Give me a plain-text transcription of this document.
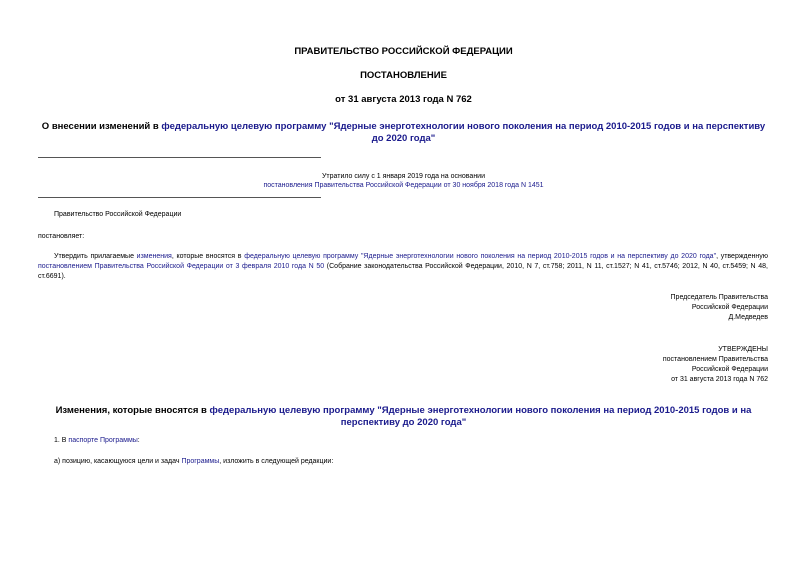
ПРАВИТЕЛЬСТВО РОССИЙСКОЙ ФЕДЕРАЦИИ
ПОСТАНОВЛЕНИЕ
от 31 августа 2013 года N 762
О внесении изменений в федеральную целевую программу "Ядерные энерготехнологии нового поколения на период 2010-2015 годов и на перспективу до 2020 года"
Утратило силу с 1 января 2019 года на основании
постановления Правительства Российской Федерации от 30 ноября 2018 года N 1451
Правительство Российской Федерации
постановляет:
Утвердить прилагаемые изменения, которые вносятся в федеральную целевую программу "Ядерные энерготехнологии нового поколения на период 2010-2015 годов и на перспективу до 2020 года", утвержденную постановлением Правительства Российской Федерации от 3 февраля 2010 года N 50 (Собрание законодательства Российской Федерации, 2010, N 7, ст.758; 2011, N 11, ст.1527; N 41, ст.5746; 2012, N 40, ст.5459; N 48, ст.6691).
Председатель Правительства
Российской Федерации
Д.Медведев
УТВЕРЖДЕНЫ
постановлением Правительства
Российской Федерации
от 31 августа 2013 года N 762
Изменения, которые вносятся в федеральную целевую программу "Ядерные энерготехнологии нового поколения на период 2010-2015 годов и на перспективу до 2020 года"
1. В паспорте Программы:
а) позицию, касающуюся цели и задач Программы, изложить в следующей редакции:
